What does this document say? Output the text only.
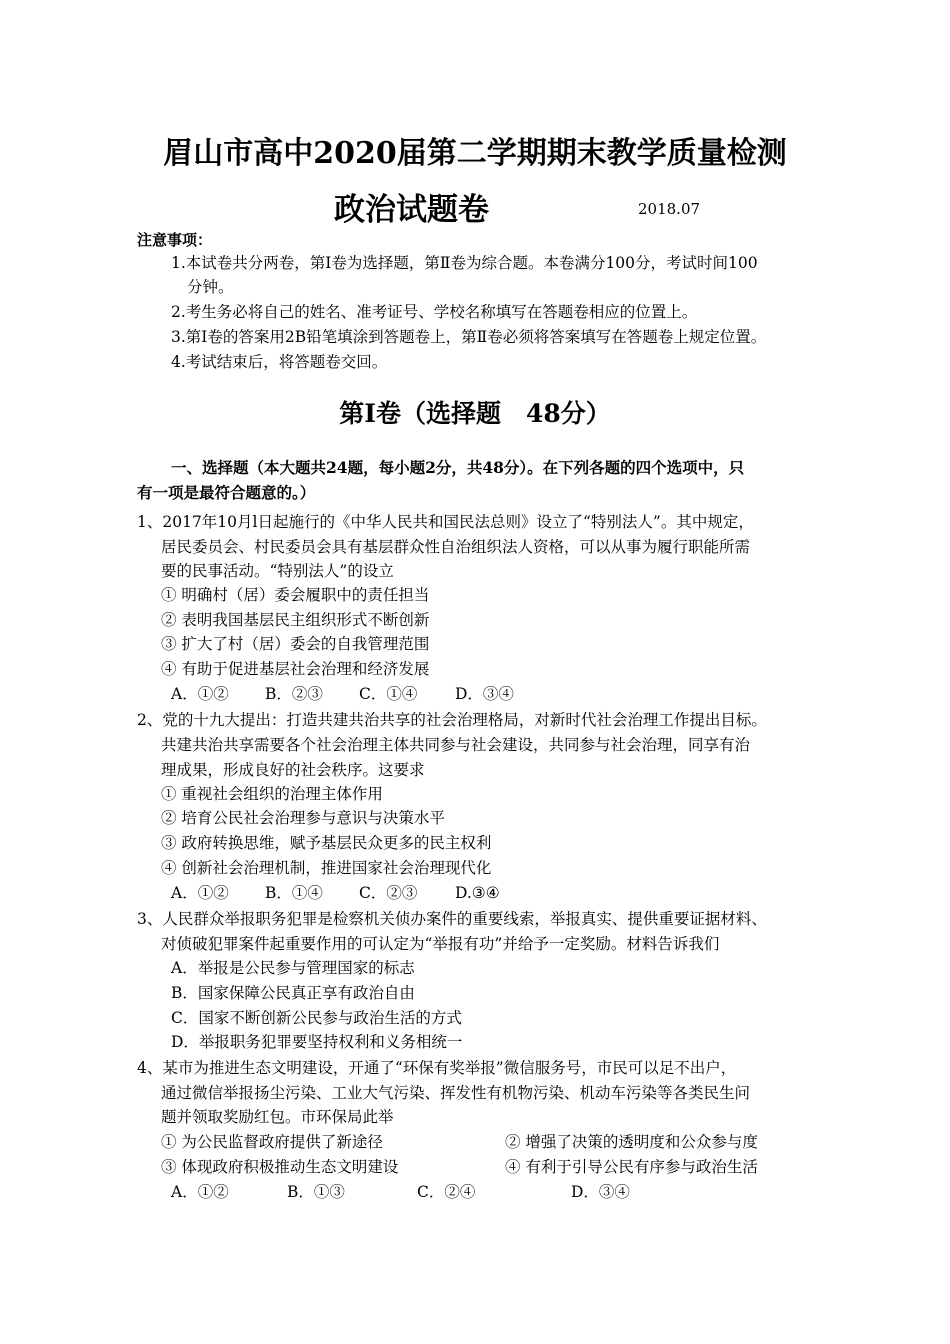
眉山市高中2020届第二学期期末教学质量检测
政治试题卷	2018.07
注意事项：
1.本试卷共分两卷，第Ⅰ卷为选择题，第Ⅱ卷为综合题。本卷满分100分，考试时间100
分钟。
2.考生务必将自己的姓名、准考证号、学校名称填写在答题卷相应的位置上。
3.第Ⅰ卷的答案用2B铅笔填涂到答题卷上，第Ⅱ卷必须将答案填写在答题卷上规定位置。
4.考试结束后，将答题卷交回。
第Ⅰ卷（选择题　48分）
一、选择题（本大题共24题，每小题2分，共48分）。在下列各题的四个选项中，只
有一项是最符合题意的。）
1、2017年10月l日起施行的《中华人民共和国民法总则》设立了“特别法人”。其中规定，
居民委员会、村民委员会具有基层群众性自治组织法人资格，可以从事为履行职能所需
要的民事活动。“特别法人”的设立
① 明确村（居）委会履职中的责任担当
② 表明我国基层民主组织形式不断创新
③ 扩大了村（居）委会的自我管理范围
④ 有助于促进基层社会治理和经济发展
A．①② B．②③ C．①④ D．③④
2、党的十九大提出：打造共建共治共享的社会治理格局，对新时代社会治理工作提出目标。
共建共治共享需要各个社会治理主体共同参与社会建设，共同参与社会治理，同享有治
理成果，形成良好的社会秩序。这要求
① 重视社会组织的治理主体作用
② 培育公民社会治理参与意识与决策水平
③ 政府转换思维，赋予基层民众更多的民主权利
④ 创新社会治理机制，推进国家社会治理现代化
A．①② B．①④ C．②③ D.③④
3、人民群众举报职务犯罪是检察机关侦办案件的重要线索，举报真实、提供重要证据材料、
对侦破犯罪案件起重要作用的可认定为“举报有功”并给予一定奖励。材料告诉我们
A．举报是公民参与管理国家的标志
B．国家保障公民真正享有政治自由
C．国家不断创新公民参与政治生活的方式
D．举报职务犯罪要坚持权利和义务相统一
4、某市为推进生态文明建设，开通了“环保有奖举报”微信服务号，市民可以足不出户，
通过微信举报扬尘污染、工业大气污染、挥发性有机物污染、机动车污染等各类民生问
题并领取奖励红包。市环保局此举
① 为公民监督政府提供了新途径	② 增强了决策的透明度和公众参与度
③ 体现政府积极推动生态文明建设	④ 有利于引导公民有序参与政治生活
A．①②	B．①③	C．②④	D．③④
